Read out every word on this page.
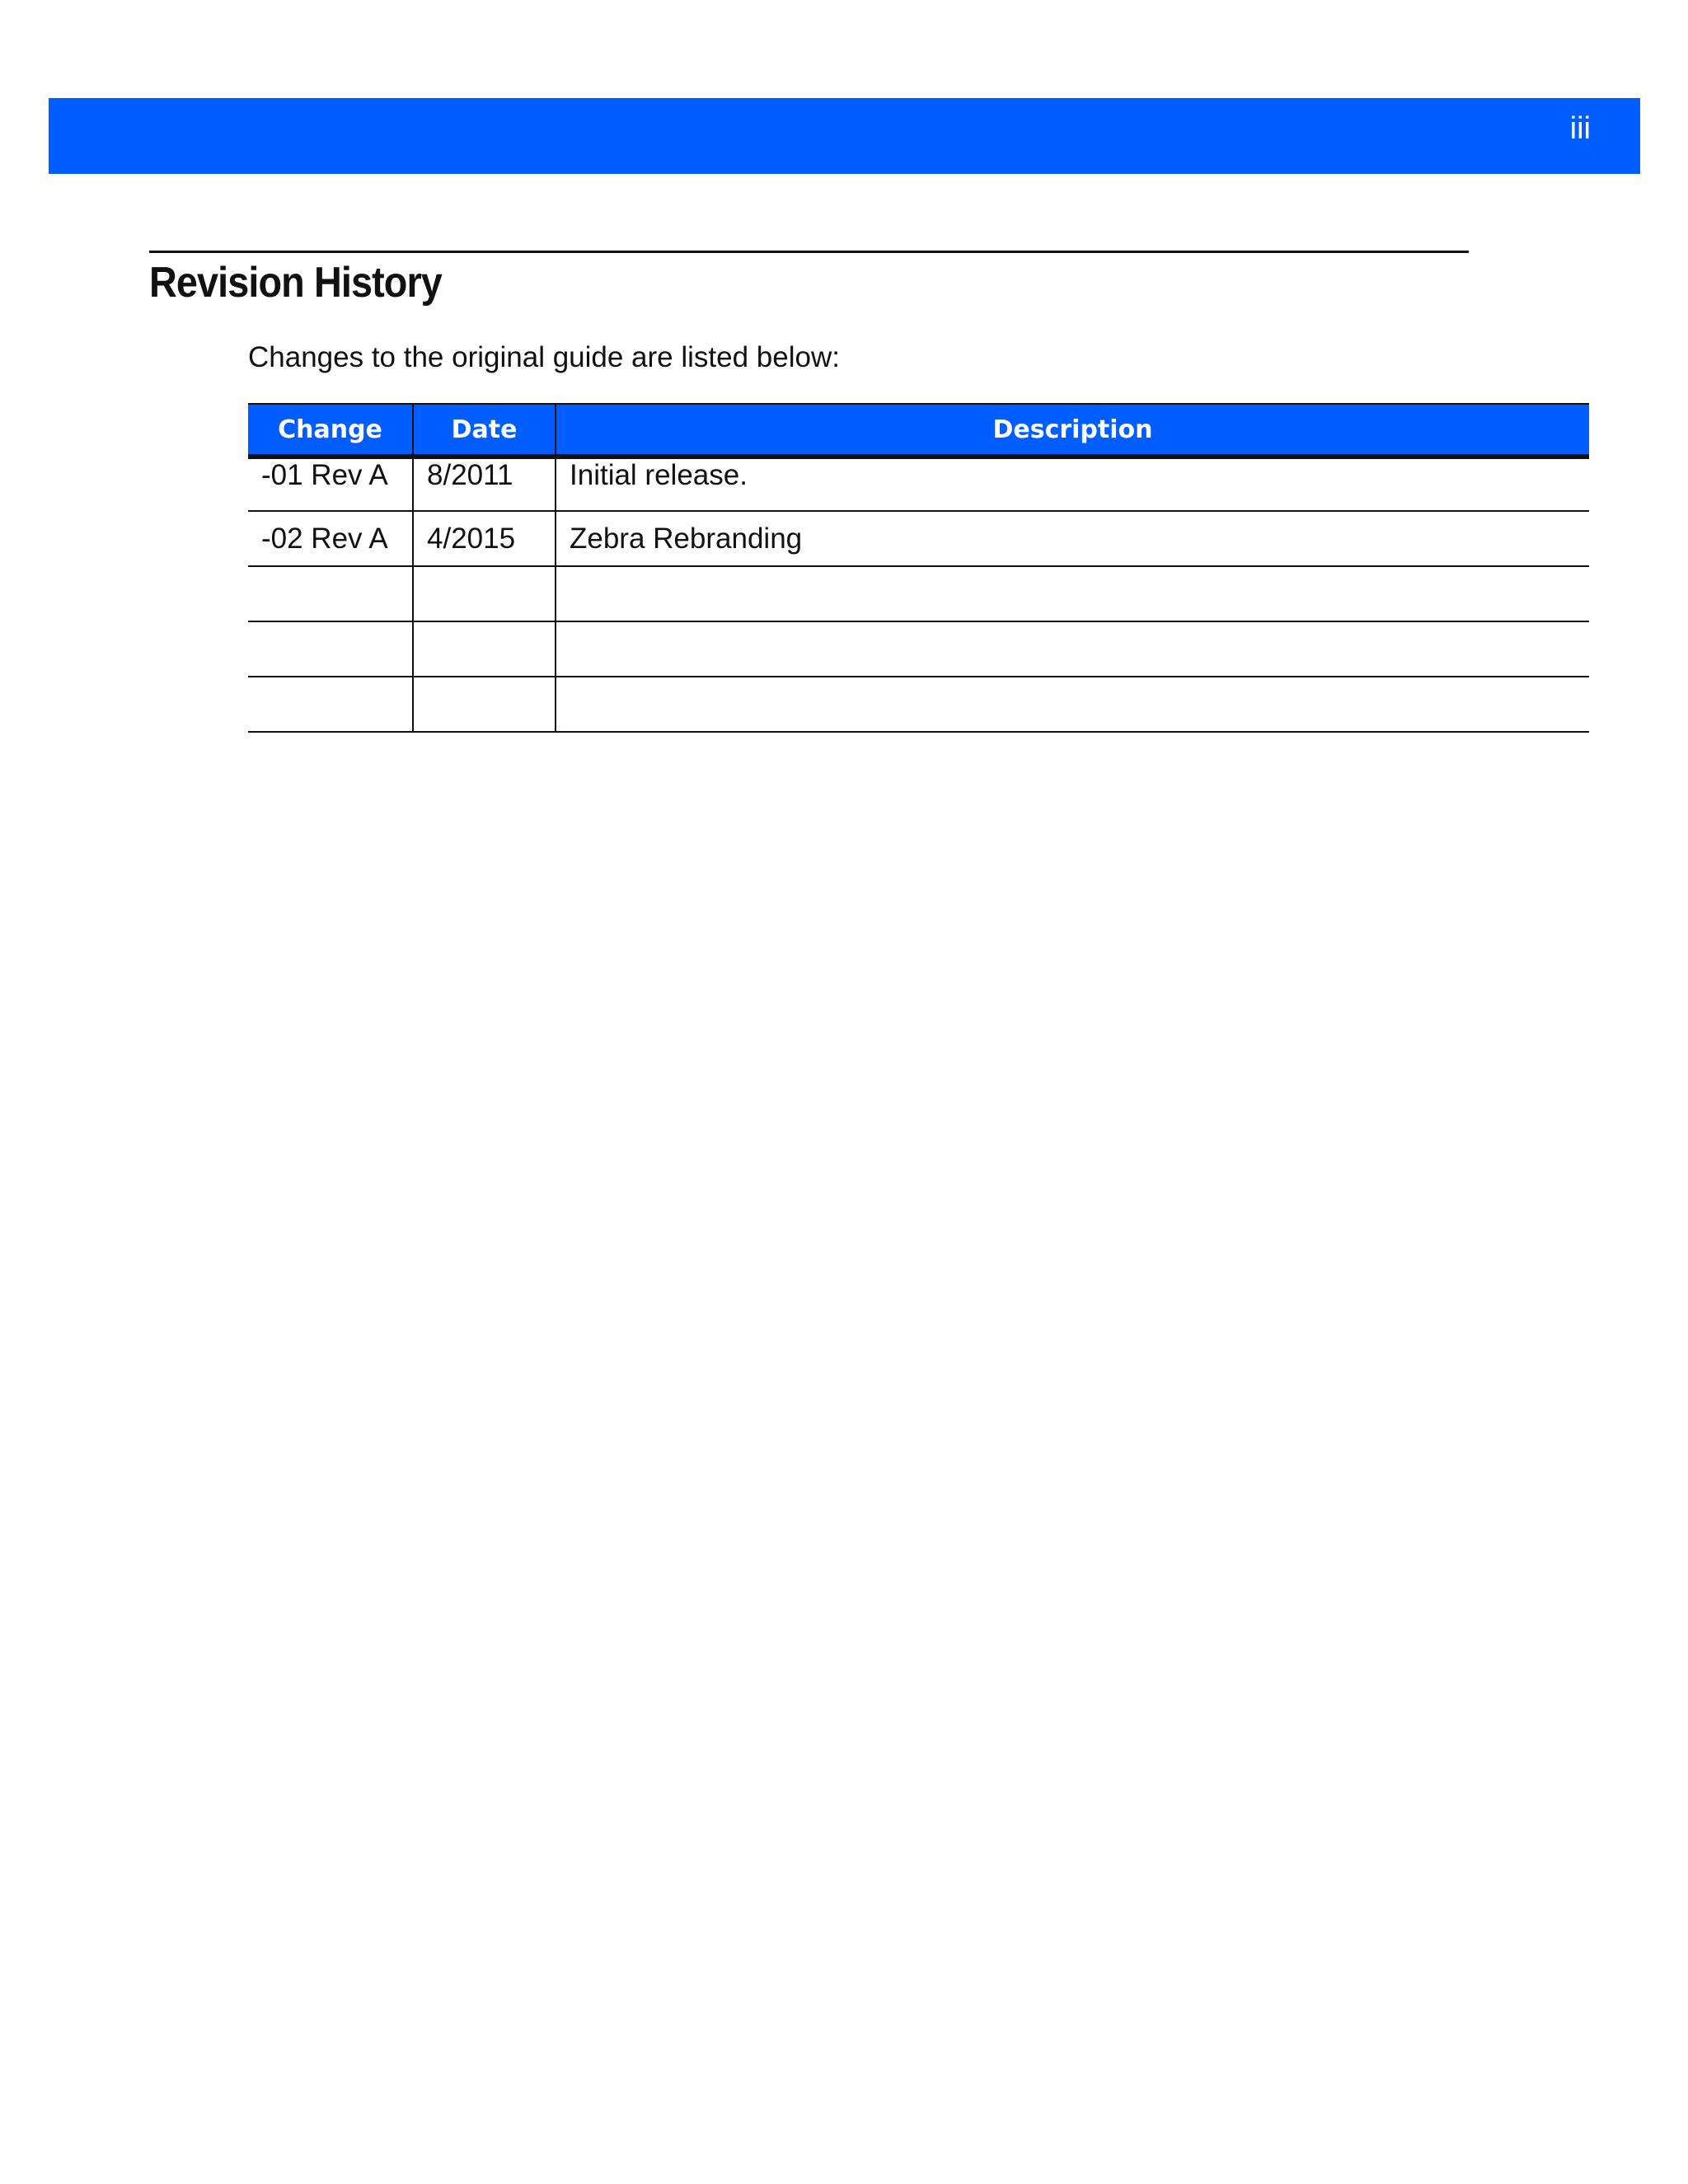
iii
Revision History

Changes to the original guide are listed below:

Change	Date	Description
-01 Rev A	8/2011	Initial release.
-02 Rev A	4/2015	Zebra Rebranding
